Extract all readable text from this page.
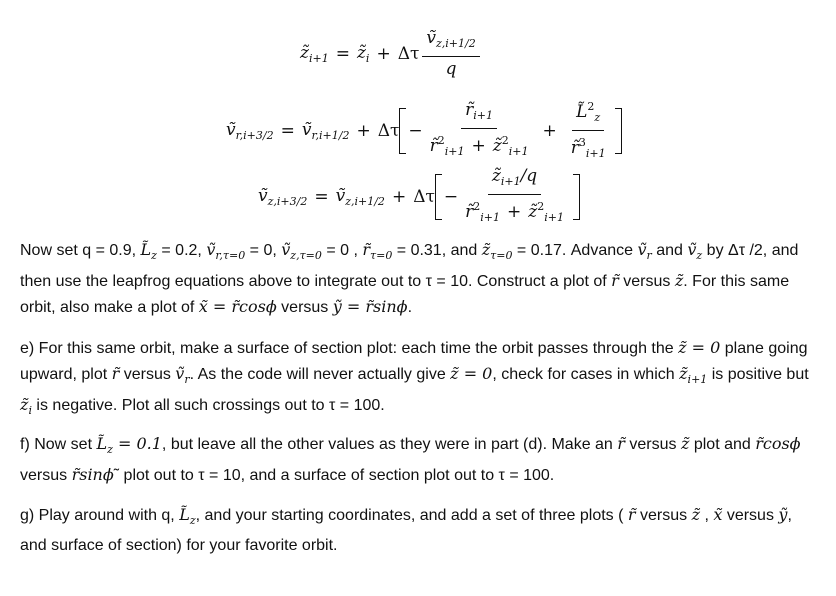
$z̃_{i+1}$ = $z̃_i + \Delta\tau \frac{ṽ_{z,i+1/2}}{q}$
ṽ$_{r,i+3/2}$ = ṽ$_{r,i+1/2}$ + $\Delta\tau - \frac{r̃_{i+1}}{r̃^2_{i+1} + z̃^2_{i+1}} + \frac{L̃^2_z}{r̃^3_{i+1}}$
ṽ$_{z,i+3/2}$ = ṽ$_{z,i+1/2}$ + $\Delta\tau - \frac{z̃_{i+1}/q}{r̃^2_{i+1} + z̃^2_{i+1}}$
Now set q = 0.9, $L̃_z = 0.2$, ṽ$_{r,\tau=0}$ = 0, ṽ$_{z,\tau=0}$ = 0 , $r̃_{\tau=0} = 0.31$, and $z̃_{\tau=0} = 0.17$. Advance ṽ$_r$ and ṽ$_z$ by Δτ /2, and then use the leapfrog equations above to integrate out to τ = 10. Construct a plot of r̃ versus z̃. For this same orbit, also make a plot of x̃ = r̃cosϕ versus ỹ = r̃sinϕ.
e) For this same orbit, make a surface of section plot: each time the orbit passes through the z̃ = 0 plane going upward, plot r̃ versus ṽ$_r$. As the code will never actually give z̃ = 0, check for cases in which $z̃_{i+1}$ is positive but $z̃_i$ is negative. Plot all such crossings out to τ = 100.
f) Now set $L̃_z = 0.1$, but leave all the other values as they were in part (d). Make an r̃ versus z̃ plot and r̃cosϕ versus r̃sinϕ˜ plot out to τ = 10, and a surface of section plot out to τ = 100.
g) Play around with q, $L̃_z$, and your starting coordinates, and add a set of three plots ( r̃ versus z̃ , x̃ versus ỹ, and surface of section) for your favorite orbit.
